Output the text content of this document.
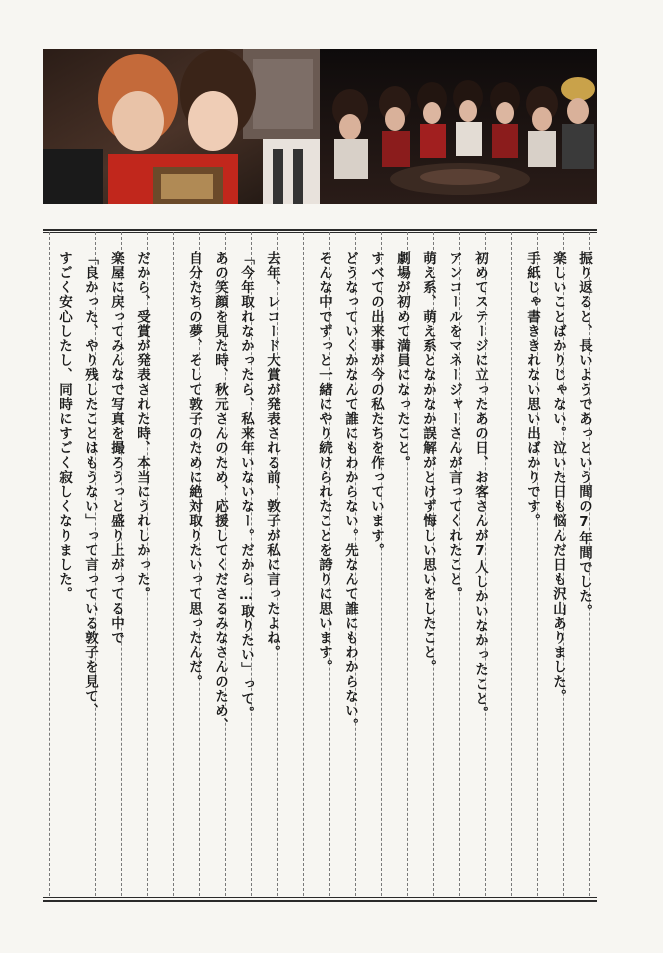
振り返ると、長いようであっという間の7年間でした。
楽しいことばかりじゃない。泣いた日も悩んだ日も沢山ありました。
手紙じゃ書ききれない思い出ばかりです。
初めてステージに立ったあの日、お客さんが7人しかいなかったこと。
アンコールをマネージャーさんが言ってくれたこと。
萌え系、萌え系となかなか誤解がとけず悔しい思いをしたこと。
劇場が初めて満員になったこと。
すべての出来事が今の私たちを作っています。
どうなっていくかなんて誰にもわからない。先なんて誰にもわからない。
そんな中でずっと一緒にやり続けられたことを誇りに思います。
去年、レコード大賞が発表される前、敦子が私に言ったよね。
「今年取れなかったら、私来年いないなー。だから…取りたい」って。
あの笑顔を見た時、秋元さんのため、応援してくださるみなさんのため、
自分たちの夢、そして敦子のために絶対取りたいって思ったんだ。
だから、受賞が発表された時、本当にうれしかった。
楽屋に戻ってみんなで写真を撮ろうっと盛り上がってる中で
「良かった、やり残したことはもうない」って言っている敦子を見て、
すごく安心したし、同時にすごく寂しくなりました。
